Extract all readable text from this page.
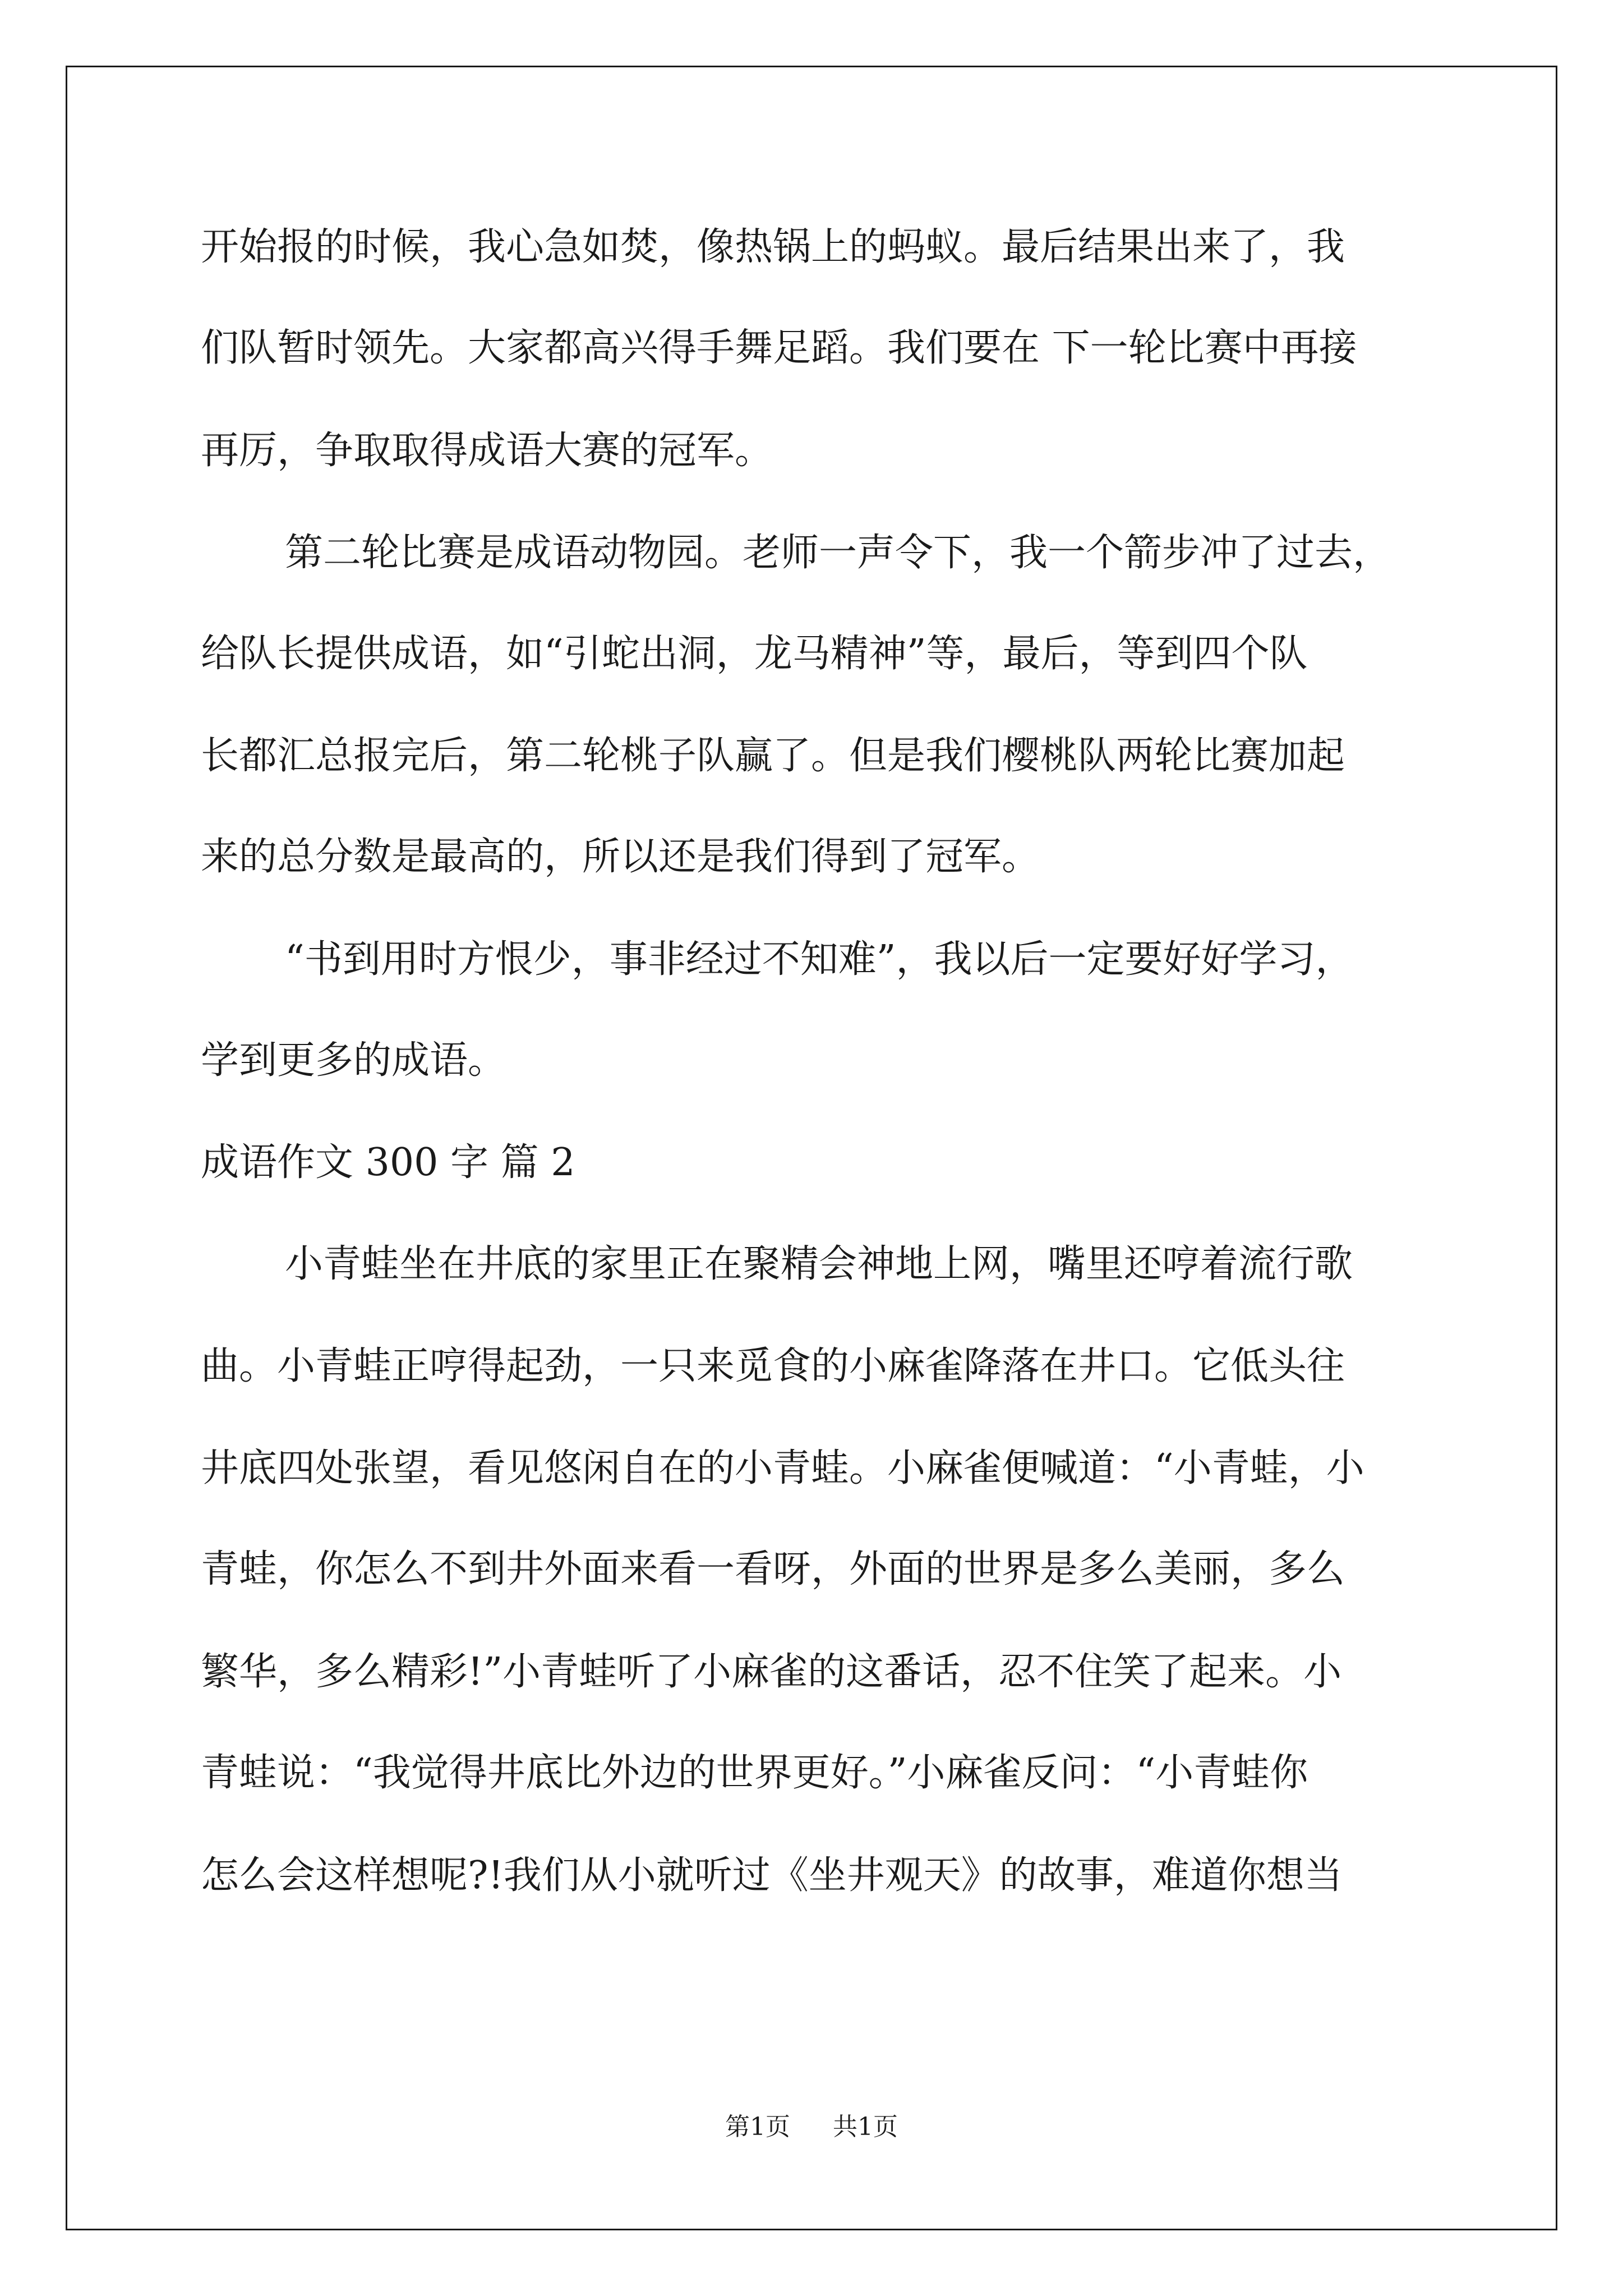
开始报的时候，我心急如焚，像热锅上的蚂蚁。最后结果出来了，我

们队暂时领先。大家都高兴得手舞足蹈。我们要在 下一轮比赛中再接

再厉，争取取得成语大赛的冠军。

第二轮比赛是成语动物园。老师一声令下，我一个箭步冲了过去，

给队长提供成语，如“引蛇出洞，龙马精神”等，最后，等到四个队

长都汇总报完后，第二轮桃子队赢了。但是我们樱桃队两轮比赛加起

来的总分数是最高的，所以还是我们得到了冠军。

“书到用时方恨少，事非经过不知难”，我以后一定要好好学习，

学到更多的成语。

成语作文 300 字 篇 2

小青蛙坐在井底的家里正在聚精会神地上网，嘴里还哼着流行歌

曲。小青蛙正哼得起劲，一只来觅食的小麻雀降落在井口。它低头往

井底四处张望，看见悠闲自在的小青蛙。小麻雀便喊道：“小青蛙，小

青蛙，你怎么不到井外面来看一看呀，外面的世界是多么美丽，多么

繁华，多么精彩!”小青蛙听了小麻雀的这番话，忍不住笑了起来。小

青蛙说：“我觉得井底比外边的世界更好。”小麻雀反问：“小青蛙你

怎么会这样想呢?!我们从小就听过《坐井观天》的故事，难道你想当

第1页 共1页
